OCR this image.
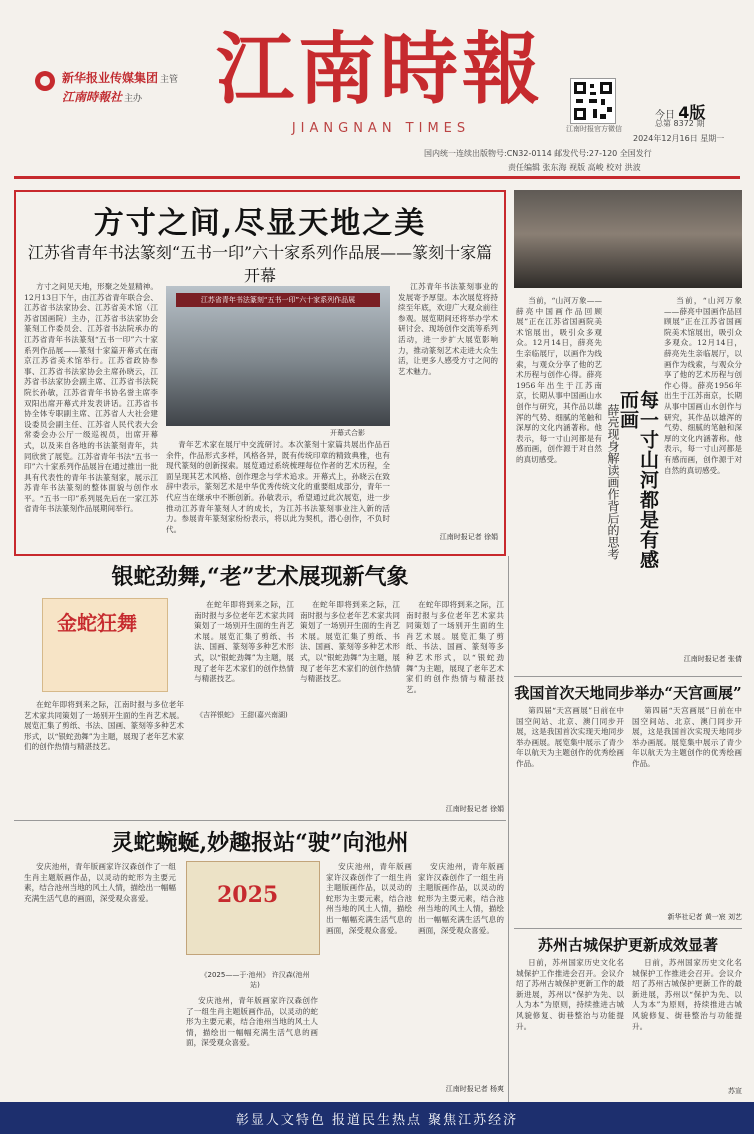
新华报业传媒集团 主管
江南時報社 主办 江南時報
JIANGNAN TIMES	江南时报官方微信
今日 4版
总第 8372 期
2024年12月16日 星期一
国内统一连续出版物号:CN32-0114 邮发代号:27-120 全国发行
责任编辑 张东海 视版 高峻 校对 洪波
方寸之间,尽显天地之美
江苏省青年书法篆刻“五书一印”六十家系列作品展——篆刻十家篇开幕

方寸之间见天地，形聚之处显精神。12月13日下午，由江苏省青年联合会、江苏省书法家协会、江苏省美术馆（江苏省国画院）主办，江苏省书法家协会篆刻工作委员会、江苏省书法院承办的江苏省青年书法篆刻“五书一印”六十家系列作品展——篆刻十家篇开幕式在南京江苏省美术馆举行。江苏省政协参事、江苏省书法家协会主席孙晓云，江苏省书法家协会副主席、江苏省书法院院长孙敏，江苏省青年书协名誉主席李双阳出席开幕式并发表讲话。江苏省书协全体专职副主席、江苏省人大社会建设委员会副主任、江苏省人民代表大会常委会办公厅一级巡视员，出席开幕式，以及来自各地的书法篆刻青年，共同欣赏了展览。江苏省青年书法“五书一印”六十家系列作品展旨在通过推出一批具有代表性的青年书法篆刻家，展示江苏青年书法篆刻的整体面貌与创作水平。“五书一印”系列展先后在一家江苏省青年书法篆刻作品展期间举行。

江苏省青年书法篆刻“五书一印”六十家系列作品展
开幕式合影

青年艺术家在展厅中交流研讨。本次篆刻十家篇共展出作品百余件，作品形式多样，风格各异，既有传统印章的精致典雅，也有现代篆刻的创新探索。展览通过系统梳理每位作者的艺术历程，全面呈现其艺术风格、创作理念与学术追求。开幕式上，孙晓云在致辞中表示，篆刻艺术是中华优秀传统文化的重要组成部分，青年一代应当在继承中不断创新。孙敏表示，希望通过此次展览，进一步推动江苏青年篆刻人才的成长，为江苏书法篆刻事业注入新的活力。参展青年篆刻家纷纷表示，将以此为契机，潜心创作，不负时代。

江苏青年书法篆刻事业的发展寄予厚望。本次展览将持续至年底，欢迎广大观众前往参观。展览期间还将举办学术研讨会、现场创作交流等系列活动，进一步扩大展览影响力，推动篆刻艺术走进大众生活，让更多人感受方寸之间的艺术魅力。

江南时报记者 徐娟

当前，“山河万象——薛亮中国画作品回顾展”正在江苏省国画院美术馆展出，吸引众多观众。12月14日，薛亮先生亲临展厅，以画作为线索，与观众分享了他的艺术历程与创作心得。薛亮1956年出生于江苏南京，长期从事中国画山水创作与研究，其作品以雄浑的气势、细腻的笔触和深厚的文化内涵著称。他表示，每一寸山河都是有感而画，创作源于对自然的真切感受。	每一寸山河都是有感而画
薛亮现身解读画作背后的思考

当前，“山河万象——薛亮中国画作品回顾展”正在江苏省国画院美术馆展出，吸引众多观众。12月14日，薛亮先生亲临展厅，以画作为线索，与观众分享了他的艺术历程与创作心得。薛亮1956年出生于江苏南京，长期从事中国画山水创作与研究，其作品以雄浑的气势、细腻的笔触和深厚的文化内涵著称。他表示，每一寸山河都是有感而画，创作源于对自然的真切感受。

江南时报记者 张倩
银蛇劲舞,“老”艺术展现新气象
金蛇狂舞

在蛇年即将到来之际，江南时报与多位老年艺术家共同策划了一场别开生面的生肖艺术展。展览汇集了剪纸、书法、国画、篆刻等多种艺术形式，以“银蛇劲舞”为主题，展现了老年艺术家们的创作热情与精湛技艺。

《吉祥银蛇》 王甜(嘉兴南湖)

在蛇年即将到来之际，江南时报与多位老年艺术家共同策划了一场别开生面的生肖艺术展。展览汇集了剪纸、书法、国画、篆刻等多种艺术形式，以“银蛇劲舞”为主题，展现了老年艺术家们的创作热情与精湛技艺。

在蛇年即将到来之际，江南时报与多位老年艺术家共同策划了一场别开生面的生肖艺术展。展览汇集了剪纸、书法、国画、篆刻等多种艺术形式，以“银蛇劲舞”为主题，展现了老年艺术家们的创作热情与精湛技艺。

在蛇年即将到来之际，江南时报与多位老年艺术家共同策划了一场别开生面的生肖艺术展。展览汇集了剪纸、书法、国画、篆刻等多种艺术形式，以“银蛇劲舞”为主题，展现了老年艺术家们的创作热情与精湛技艺。

江南时报记者 徐娟
灵蛇蜿蜒,妙趣报站“驶”向池州

安庆池州，青年版画家许汉森创作了一组生肖主题版画作品，以灵动的蛇形为主要元素，结合池州当地的风土人情，描绘出一幅幅充满生活气息的画面，深受观众喜爱。	2025
《2025——于·池州》 许汉森(池州站)

安庆池州，青年版画家许汉森创作了一组生肖主题版画作品，以灵动的蛇形为主要元素，结合池州当地的风土人情，描绘出一幅幅充满生活气息的画面，深受观众喜爱。

安庆池州，青年版画家许汉森创作了一组生肖主题版画作品，以灵动的蛇形为主要元素，结合池州当地的风土人情，描绘出一幅幅充满生活气息的画面，深受观众喜爱。

安庆池州，青年版画家许汉森创作了一组生肖主题版画作品，以灵动的蛇形为主要元素，结合池州当地的风土人情，描绘出一幅幅充满生活气息的画面，深受观众喜爱。

江南时报记者 杨爽
我国首次天地同步举办“天宫画展”

第四届“天宫画展”日前在中国空间站、北京、澳门同步开展，这是我国首次实现天地同步举办画展。展览集中展示了青少年以航天为主题创作的优秀绘画作品。

第四届“天宫画展”日前在中国空间站、北京、澳门同步开展，这是我国首次实现天地同步举办画展。展览集中展示了青少年以航天为主题创作的优秀绘画作品。

新华社记者 黄一宸 刘艺
苏州古城保护更新成效显著

日前，苏州国家历史文化名城保护工作推进会召开。会议介绍了苏州古城保护更新工作的最新进展，苏州以“保护为先、以人为本”为原则，持续推进古城风貌修复、街巷整治与功能提升。

日前，苏州国家历史文化名城保护工作推进会召开。会议介绍了苏州古城保护更新工作的最新进展，苏州以“保护为先、以人为本”为原则，持续推进古城风貌修复、街巷整治与功能提升。

苏宣
彰显人文特色 报道民生热点 聚焦江苏经济
